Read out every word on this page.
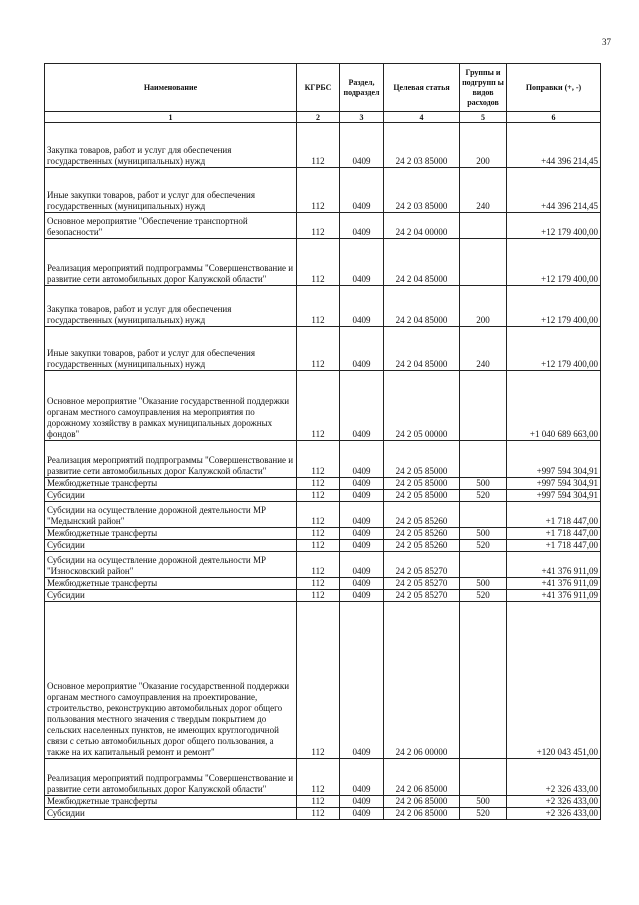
37
Наименование	КГРБС	Раздел, подраздел	Целевая статья	Группы и подгрупп ы видов расходов	Поправки (+, -)
1	2	3	4	5	6
Закупка товаров, работ и услуг для обеспечения государственных (муниципальных) нужд	112	0409	24 2 03 85000	200	+44 396 214,45
Иные закупки товаров, работ и услуг для обеспечения государственных (муниципальных) нужд	112	0409	24 2 03 85000	240	+44 396 214,45
Основное мероприятие "Обеспечение транспортной безопасности"	112	0409	24 2 04 00000		+12 179 400,00
Реализация мероприятий подпрограммы "Совершенствование и развитие сети автомобильных дорог Калужской области"	112	0409	24 2 04 85000		+12 179 400,00
Закупка товаров, работ и услуг для обеспечения государственных (муниципальных) нужд	112	0409	24 2 04 85000	200	+12 179 400,00
Иные закупки товаров, работ и услуг для обеспечения государственных (муниципальных) нужд	112	0409	24 2 04 85000	240	+12 179 400,00
Основное мероприятие "Оказание государственной поддержки органам местного самоуправления на мероприятия по дорожному хозяйству в рамках муниципальных дорожных фондов"	112	0409	24 2 05 00000		+1 040 689 663,00
Реализация мероприятий подпрограммы "Совершенствование и развитие сети автомобильных дорог Калужской области"	112	0409	24 2 05 85000		+997 594 304,91
Межбюджетные трансферты	112	0409	24 2 05 85000	500	+997 594 304,91
Субсидии	112	0409	24 2 05 85000	520	+997 594 304,91
Субсидии на осуществление дорожной деятельности МР "Медынский район"	112	0409	24 2 05 85260		+1 718 447,00
Межбюджетные трансферты	112	0409	24 2 05 85260	500	+1 718 447,00
Субсидии	112	0409	24 2 05 85260	520	+1 718 447,00
Субсидии на осуществление дорожной деятельности МР "Износковский район"	112	0409	24 2 05 85270		+41 376 911,09
Межбюджетные трансферты	112	0409	24 2 05 85270	500	+41 376 911,09
Субсидии	112	0409	24 2 05 85270	520	+41 376 911,09
Основное мероприятие "Оказание государственной поддержки органам местного самоуправления на проектирование, строительство, реконструкцию автомобильных дорог общего пользования местного значения с твердым покрытием до сельских населенных пунктов, не имеющих круглогодичной связи с сетью автомобильных дорог общего пользования, а также на их капитальный ремонт и ремонт"	112	0409	24 2 06 00000		+120 043 451,00
Реализация мероприятий подпрограммы "Совершенствование и развитие сети автомобильных дорог Калужской области"	112	0409	24 2 06 85000		+2 326 433,00
Межбюджетные трансферты	112	0409	24 2 06 85000	500	+2 326 433,00
Субсидии	112	0409	24 2 06 85000	520	+2 326 433,00
